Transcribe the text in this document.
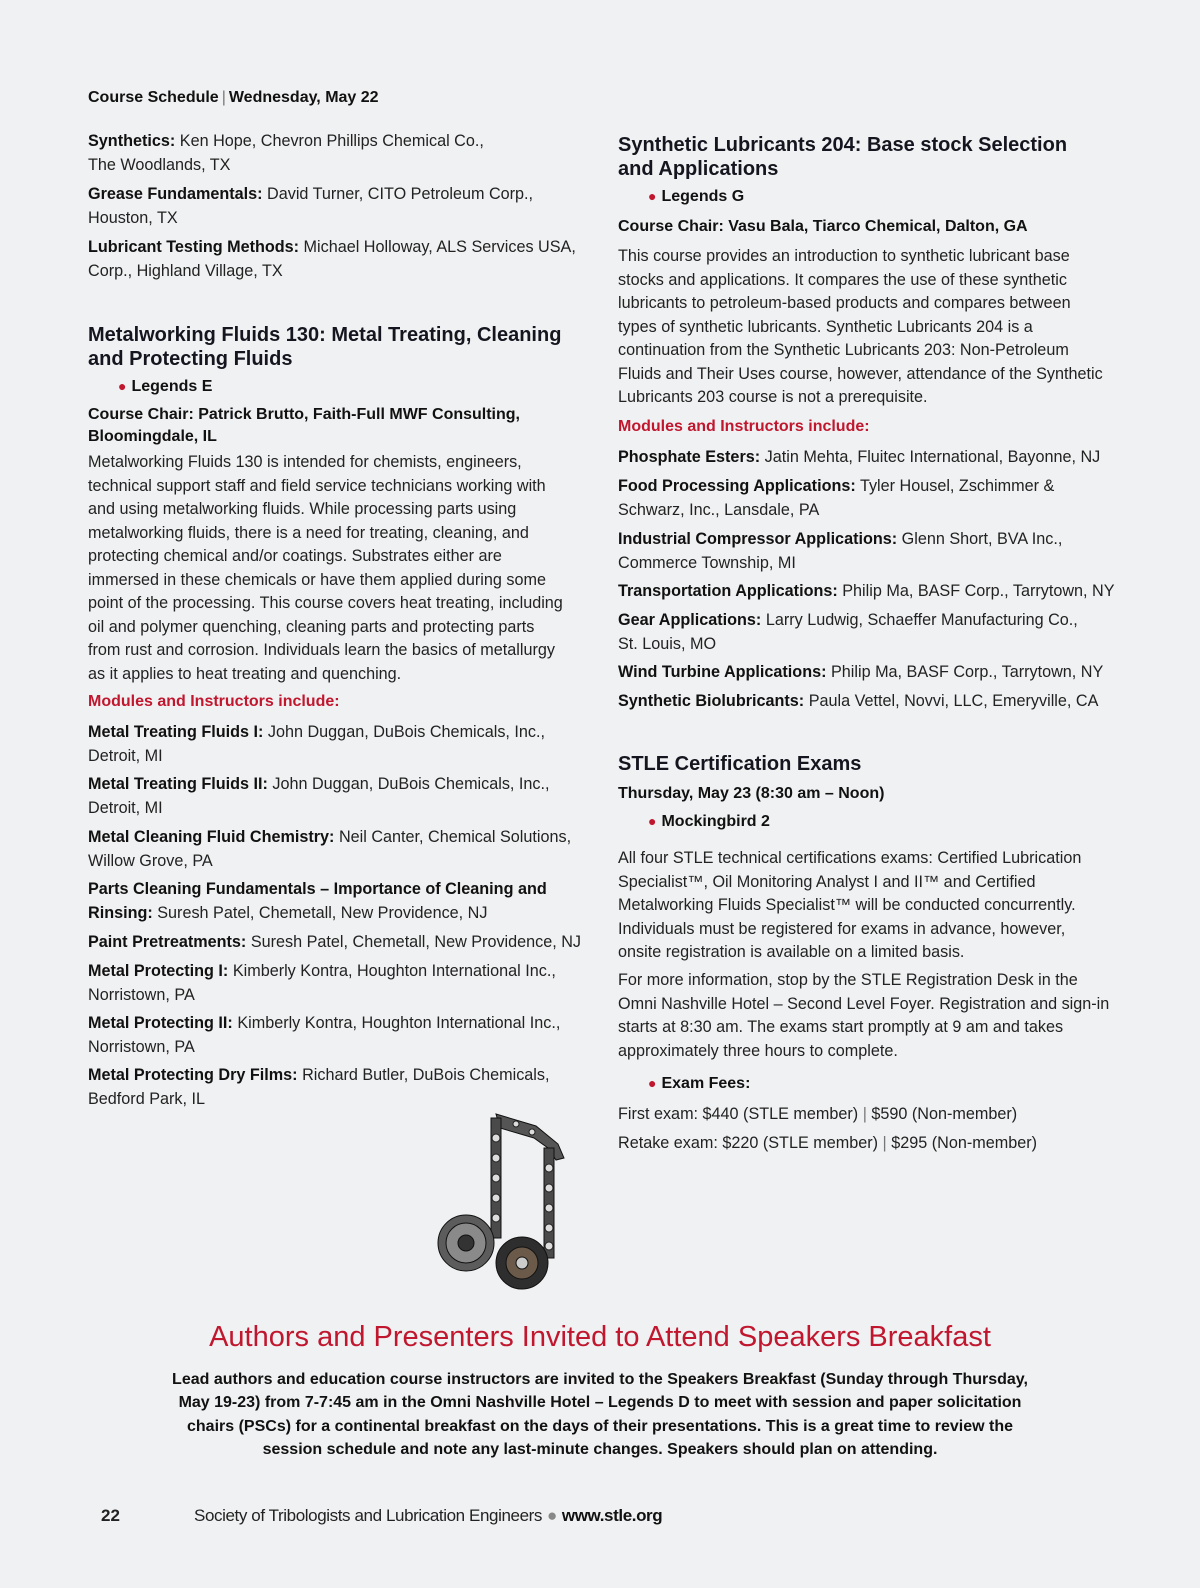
Course Schedule | Wednesday, May 22
Synthetics: Ken Hope, Chevron Phillips Chemical Co.,
The Woodlands, TX
Grease Fundamentals: David Turner, CITO Petroleum Corp.,
Houston, TX
Lubricant Testing Methods: Michael Holloway, ALS Services USA,
Corp., Highland Village, TX
Metalworking Fluids 130: Metal Treating, Cleaning
and Protecting Fluids
● Legends E
Course Chair: Patrick Brutto, Faith-Full MWF Consulting,
Bloomingdale, IL
Metalworking Fluids 130 is intended for chemists, engineers,
technical support staff and field service technicians working with
and using metalworking fluids. While processing parts using
metalworking fluids, there is a need for treating, cleaning, and
protecting chemical and/or coatings. Substrates either are
immersed in these chemicals or have them applied during some
point of the processing. This course covers heat treating, including
oil and polymer quenching, cleaning parts and protecting parts
from rust and corrosion. Individuals learn the basics of metallurgy
as it applies to heat treating and quenching.
Modules and Instructors include:
Metal Treating Fluids I: John Duggan, DuBois Chemicals, Inc.,
Detroit, MI
Metal Treating Fluids II: John Duggan, DuBois Chemicals, Inc.,
Detroit, MI
Metal Cleaning Fluid Chemistry: Neil Canter, Chemical Solutions,
Willow Grove, PA
Parts Cleaning Fundamentals – Importance of Cleaning and
Rinsing: Suresh Patel, Chemetall, New Providence, NJ
Paint Pretreatments: Suresh Patel, Chemetall, New Providence, NJ
Metal Protecting I: Kimberly Kontra, Houghton International Inc.,
Norristown, PA
Metal Protecting II: Kimberly Kontra, Houghton International Inc.,
Norristown, PA
Metal Protecting Dry Films: Richard Butler, DuBois Chemicals,
Bedford Park, IL
Synthetic Lubricants 204: Base stock Selection
and Applications
● Legends G
Course Chair: Vasu Bala, Tiarco Chemical, Dalton, GA
This course provides an introduction to synthetic lubricant base
stocks and applications. It compares the use of these synthetic
lubricants to petroleum-based products and compares between
types of synthetic lubricants. Synthetic Lubricants 204 is a
continuation from the Synthetic Lubricants 203: Non-Petroleum
Fluids and Their Uses course, however, attendance of the Synthetic
Lubricants 203 course is not a prerequisite.
Modules and Instructors include:
Phosphate Esters: Jatin Mehta, Fluitec International, Bayonne, NJ
Food Processing Applications: Tyler Housel, Zschimmer &
Schwarz, Inc., Lansdale, PA
Industrial Compressor Applications: Glenn Short, BVA Inc.,
Commerce Township, MI
Transportation Applications: Philip Ma, BASF Corp., Tarrytown, NY
Gear Applications: Larry Ludwig, Schaeffer Manufacturing Co.,
St. Louis, MO
Wind Turbine Applications: Philip Ma, BASF Corp., Tarrytown, NY
Synthetic Biolubricants: Paula Vettel, Novvi, LLC, Emeryville, CA
STLE Certification Exams
Thursday, May 23 (8:30 am – Noon)
● Mockingbird 2
All four STLE technical certifications exams: Certified Lubrication
Specialist™, Oil Monitoring Analyst I and II™ and Certified
Metalworking Fluids Specialist™ will be conducted concurrently.
Individuals must be registered for exams in advance, however,
onsite registration is available on a limited basis.
For more information, stop by the STLE Registration Desk in the
Omni Nashville Hotel – Second Level Foyer. Registration and sign-in
starts at 8:30 am. The exams start promptly at 9 am and takes
approximately three hours to complete.
● Exam Fees:
First exam: $440 (STLE member) | $590 (Non-member)
Retake exam: $220 (STLE member) | $295 (Non-member)
Authors and Presenters Invited to Attend Speakers Breakfast
Lead authors and education course instructors are invited to the Speakers Breakfast (Sunday through Thursday,
May 19-23) from 7-7:45 am in the Omni Nashville Hotel – Legends D to meet with session and paper solicitation
chairs (PSCs) for a continental breakfast on the days of their presentations. This is a great time to review the
session schedule and note any last-minute changes. Speakers should plan on attending.
22	Society of Tribologists and Lubrication Engineers ● www.stle.org
